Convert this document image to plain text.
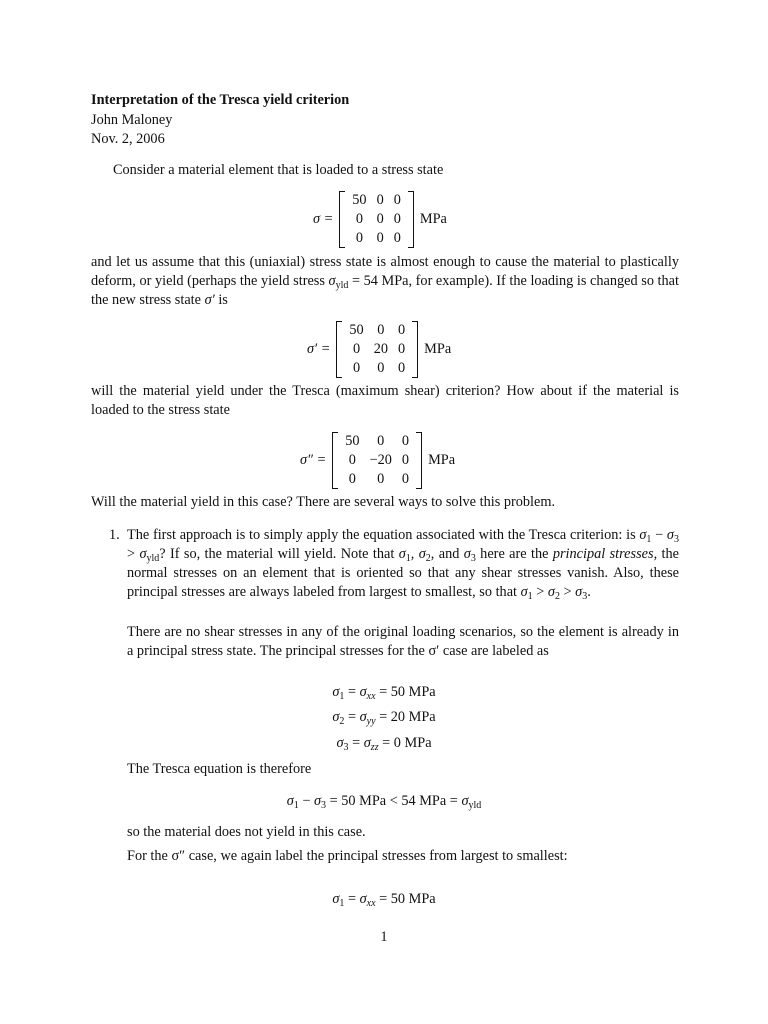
Interpretation of the Tresca yield criterion
John Maloney
Nov. 2, 2006
Consider a material element that is loaded to a stress state
σ =
50	0	0
0	0	0
0	0	0
MPa
and let us assume that this (uniaxial) stress state is almost enough to cause the material to plastically deform, or yield (perhaps the yield stress $\sigma_{yld} = 54$ MPa, for example). If the loading is changed so that the new stress state σ′ is
σ′ =
50	0	0
0	20	0
0	0	0
MPa
will the material yield under the Tresca (maximum shear) criterion? How about if the material is loaded to the stress state
σ″ =
50	0	0
0	−20	0
0	0	0
MPa
Will the material yield in this case? There are several ways to solve this problem.
1. The first approach is to simply apply the equation associated with the Tresca criterion: is $\sigma_1 - \sigma_3 > \sigma_{yld}$? If so, the material will yield. Note that $\sigma_1$, $\sigma_2$, and $\sigma_3$ here are the principal stresses, the normal stresses on an element that is oriented so that any shear stresses vanish. Also, these principal stresses are always labeled from largest to smallest, so that $\sigma_1 > \sigma_2 > \sigma_3$.
There are no shear stresses in any of the original loading scenarios, so the element is already in a principal stress state. The principal stresses for the σ′ case are labeled as
$\sigma_1 = \sigma_{xx} = 50$ MPa
$\sigma_2 = \sigma_{yy} = 20$ MPa
$\sigma_3 = \sigma_{zz} = 0$ MPa
The Tresca equation is therefore
$\sigma_1 - \sigma_3 = 50$ MPa < 54 MPa = $\sigma_{yld}$
so the material does not yield in this case.
For the σ″ case, we again label the principal stresses from largest to smallest:
$\sigma_1 = \sigma_{xx} = 50$ MPa
1
